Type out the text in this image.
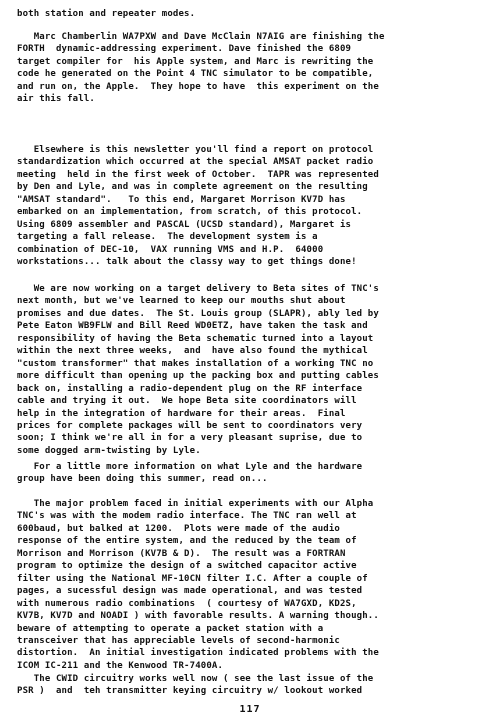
both station and repeater modes.
Marc Chamberlin WA7PXW and Dave McClain N7AIG are finishing the
FORTH  dynamic-addressing experiment. Dave finished the 6809
target compiler for  his Apple system, and Marc is rewriting the
code he generated on the Point 4 TNC simulator to be compatible,
and run on, the Apple.  They hope to have  this experiment on the
air this fall.
Elsewhere is this newsletter you'll find a report on protocol
standardization which occurred at the special AMSAT packet radio
meeting  held in the first week of October.  TAPR was represented
by Den and Lyle, and was in complete agreement on the resulting
"AMSAT standard".   To this end, Margaret Morrison KV7D has
embarked on an implementation, from scratch, of this protocol.
Using 6809 assembler and PASCAL (UCSD standard), Margaret is
targeting a fall release.  The development system is a
combination of DEC-10,  VAX running VMS and H.P.  64000
workstations... talk about the classy way to get things done!
We are now working on a target delivery to Beta sites of TNC's
next month, but we've learned to keep our mouths shut about
promises and due dates.  The St. Louis group (SLAPR), ably led by
Pete Eaton WB9FLW and Bill Reed WD0ETZ, have taken the task and
responsibility of having the Beta schematic turned into a layout
within the next three weeks,  and  have also found the mythical
"custom transformer" that makes installation of a working TNC no
more difficult than opening up the packing box and putting cables
back on, installing a radio-dependent plug on the RF interface
cable and trying it out.  We hope Beta site coordinators will
help in the integration of hardware for their areas.  Final
prices for complete packages will be sent to coordinators very
soon; I think we're all in for a very pleasant suprise, due to
some dogged arm-twisting by Lyle.
For a little more information on what Lyle and the hardware
group have been doing this summer, read on...
The major problem faced in initial experiments with our Alpha
TNC's was with the modem radio interface. The TNC ran well at
600baud, but balked at 1200.  Plots were made of the audio
response of the entire system, and the reduced by the team of
Morrison and Morrison (KV7B & D).  The result was a FORTRAN
program to optimize the design of a switched capacitor active
filter using the National MF-10CN filter I.C. After a couple of
pages, a sucessful design was made operational, and was tested
with numerous radio combinations  ( courtesy of WA7GXD, KD2S,
KV7B, KV7D and NOADI ) with favorable results. A warning though..
beware of attempting to operate a packet station with a
transceiver that has appreciable levels of second-harmonic
distortion.  An initial investigation indicated problems with the
ICOM IC-211 and the Kenwood TR-7400A.
The CWID circuitry works well now ( see the last issue of the
PSR )  and  teh transmitter keying circuitry w/ lookout worked
117
